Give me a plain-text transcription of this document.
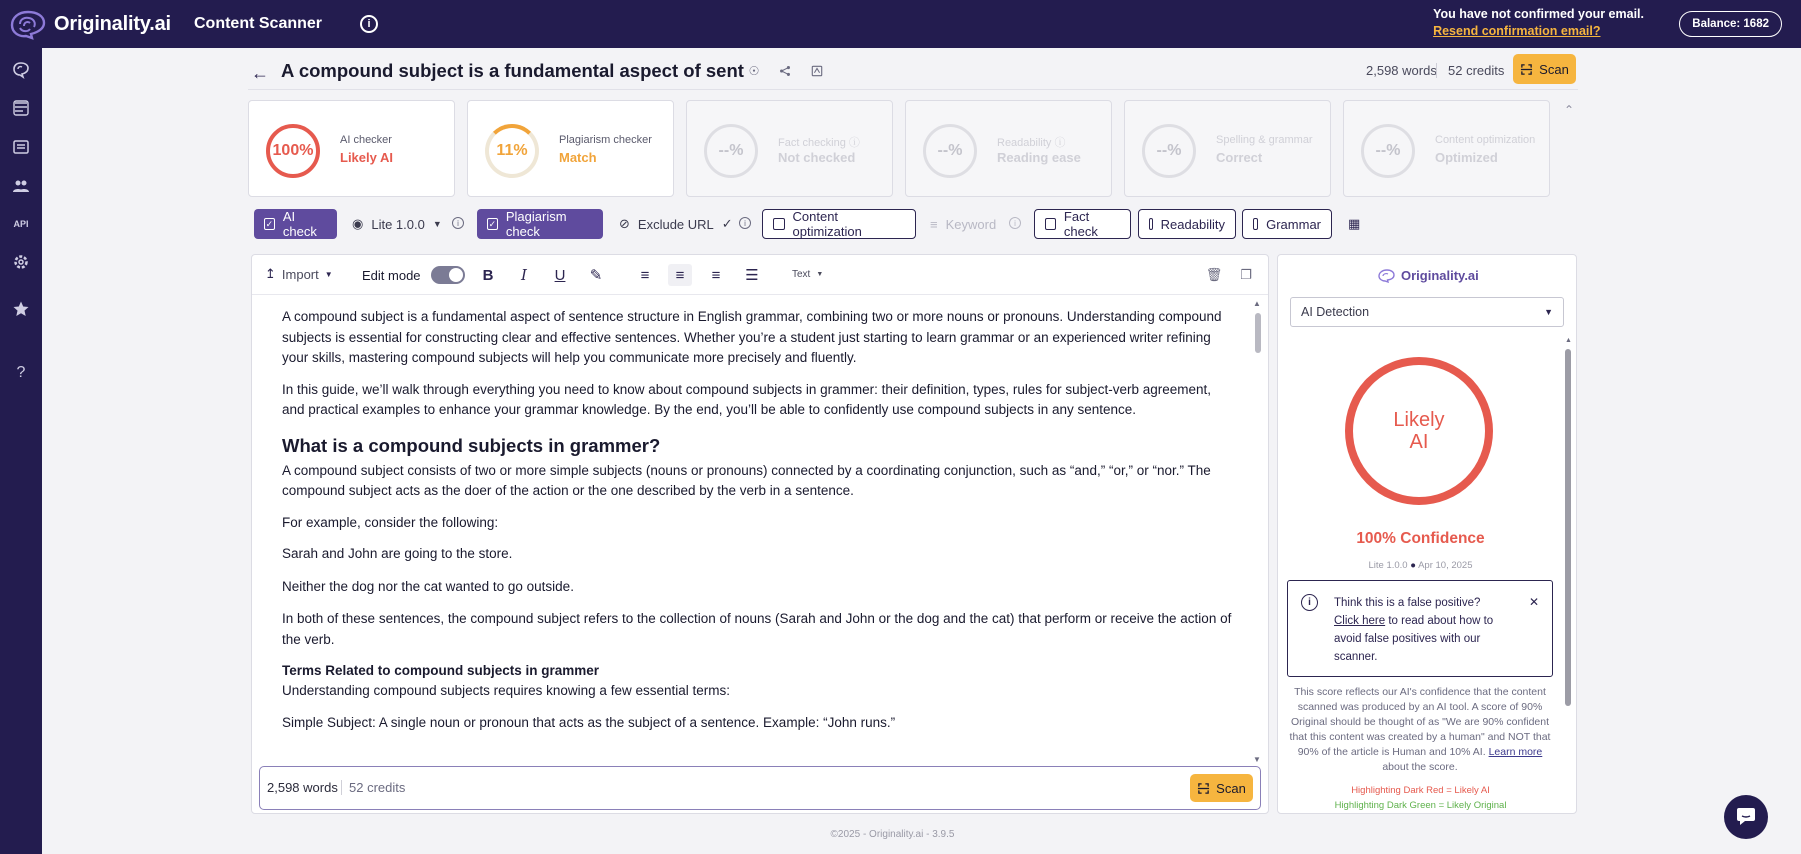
Originality.ai Content Scanner	i
You have not confirmed your email.
Resend confirmation email?	Balance: 1682
API
?
← A compound subject is a fundamental aspect of sent ☉	2,598 words 52 credits	Scan
100%
AI checker
Likely AI	11%
Plagiarism checker
Match	--%	Fact checking ⓘ
Not checked	--%	Readability ⓘ
Reading ease	--%
Spelling & grammar
Correct	--%
Content optimization
Optimized
⌃
✓ AI check
◉ Lite 1.0.0 ▼	i	✓ Plagiarism check
⊘ Exclude URL ✓	i	Content optimization	≡ Keyword	i	Fact check	Readability	Grammar ▦
↥ Import ▼ Edit mode	B	I	U	✎	≡	≡	≡	☰	Text ▼	🗑	❐

A compound subject is a fundamental aspect of sentence structure in English grammar, combining two or more nouns or pronouns. Understanding compound subjects is essential for constructing clear and effective sentences. Whether you’re a student just starting to learn grammar or an experienced writer refining your skills, mastering compound subjects will help you communicate more precisely and fluently.

In this guide, we’ll walk through everything you need to know about compound subjects in grammer: their definition, types, rules for subject-verb agreement, and practical examples to enhance your grammar knowledge. By the end, you’ll be able to confidently use compound subjects in any sentence.

What is a compound subjects in grammer?

A compound subject consists of two or more simple subjects (nouns or pronouns) connected by a coordinating conjunction, such as “and,” “or,” or “nor.” The compound subject acts as the doer of the action or the one described by the verb in a sentence.

For example, consider the following:

• Sarah and John are going to the store.
• Neither the dog nor the cat wanted to go outside.

In both of these sentences, the compound subject refers to the collection of nouns (Sarah and John or the dog and the cat) that perform or receive the action of the verb.

Terms Related to compound subjects in grammer

Understanding compound subjects requires knowing a few essential terms:

• Simple Subject: A single noun or pronoun that acts as the subject of a sentence. Example: “John runs.”
▲
▼
2,598 words 52 credits	Scan
Originality.ai
AI Detection	▼
▲
Likely
AI
100% Confidence
Lite 1.0.0 ● Apr 10, 2025
i	Think this is a false positive?
Click here to read about how to avoid false positives with our scanner.
✕
This score reflects our AI's confidence that the content scanned was produced by an AI tool. A score of 90% Original should be thought of as "We are 90% confident that this content was created by a human" and NOT that 90% of the article is Human and 10% AI. Learn more about the score.
Highlighting Dark Red = Likely AI
Highlighting Dark Green = Likely Original
©2025 - Originality.ai - 3.9.5
